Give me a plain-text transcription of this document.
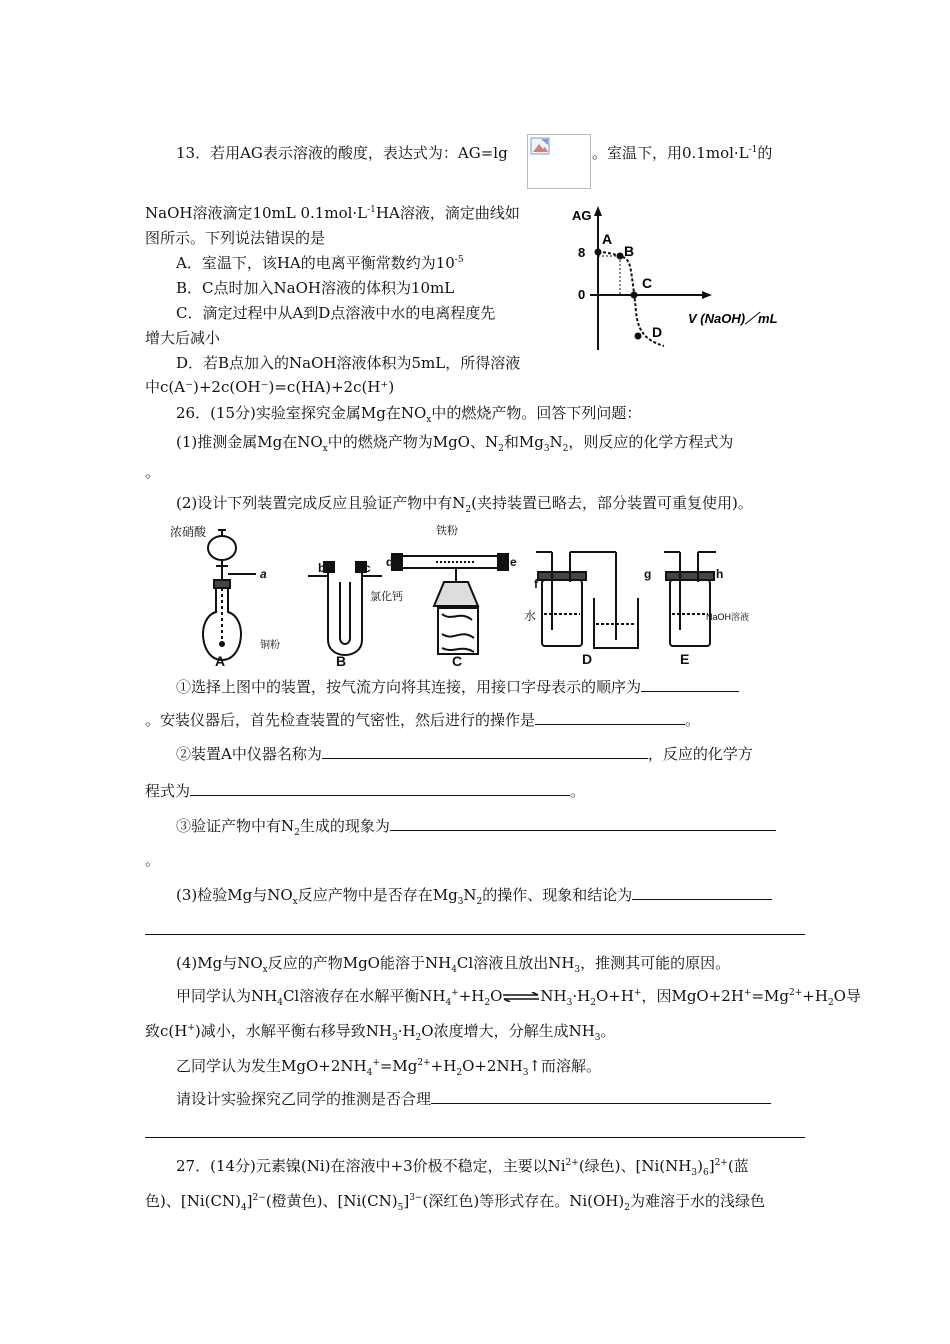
13．若用AG表示溶液的酸度，表达式为：AG=lg	。室温下，用$0.1mol\cdot L^{-1}$的
NaOH溶液滴定10mL $0.1mol\cdot L^{-1}HA$溶液，滴定曲线如
图所示。下列说法错误的是
A．室温下，该HA的电离平衡常数约为$10^{-5}$
B．C点时加入NaOH溶液的体积为10mL
C．滴定过程中从A到D点溶液中水的电离程度先
增大后减小
D．若B点加入的NaOH溶液体积为5mL，所得溶液
中c(A⁻)+2c(OH⁻)=c(HA)+2c(H⁺)
AG
8
0
V (NaOH)／mL
A
B
C
D
26．(15分)实验室探究金属Mg在$NO_x$中的燃烧产物。回答下列问题：
(1)推测金属Mg在$NO_x$中的燃烧产物为MgO、$N_2$和$Mg_3N_2$，则反应的化学方程式为
。
(2)设计下列装置完成反应且验证产物中有$N_2$(夹持装置已略去，部分装置可重复使用)。
浓硝酸
a
铜粉
A
b	c
氯化钙
B
铁粉
d	e
C
f
水
D
g	h
NaOH溶液
E
①选择上图中的装置，按气流方向将其连接，用接口字母表示的顺序为
。安装仪器后，首先检查装置的气密性，然后进行的操作是	。
②装置A中仪器名称为	，反应的化学方
程式为	。
③验证产物中有$N_2$生成的现象为
。
(3)检验Mg与$NO_x$反应产物中是否存在$Mg_3N_2$的操作、现象和结论为
(4)Mg与$NO_x$反应的产物MgO能溶于$NH_4Cl$溶液且放出$NH_3$，推测其可能的原因。
甲同学认为$NH_4Cl$溶液存在水解平衡$NH_4^++H_2O\rightleftharpoons NH_3\cdot H_2O+H^+$，因$MgO+2H^+=Mg^{2+}+H_2O$导
致c(H+)减小，水解平衡右移导致$NH_3\cdot H_2O$浓度增大，分解生成$NH_3$。
乙同学认为发生$MgO+2NH_4^+=Mg^{2+}+H_2O+2NH_3↑$而溶解。
请设计实验探究乙同学的推测是否合理
27．(14分)元素镍(Ni)在溶液中+3价极不稳定，主要以$Ni^{2+}$(绿色)、$[Ni(NH_3)_6]^{2+}$(蓝
色)、$[Ni(CN)_4]^{2-}$(橙黄色)、$[Ni(CN)_5]^{3-}$(深红色)等形式存在。$Ni(OH)_2$为难溶于水的浅绿色
